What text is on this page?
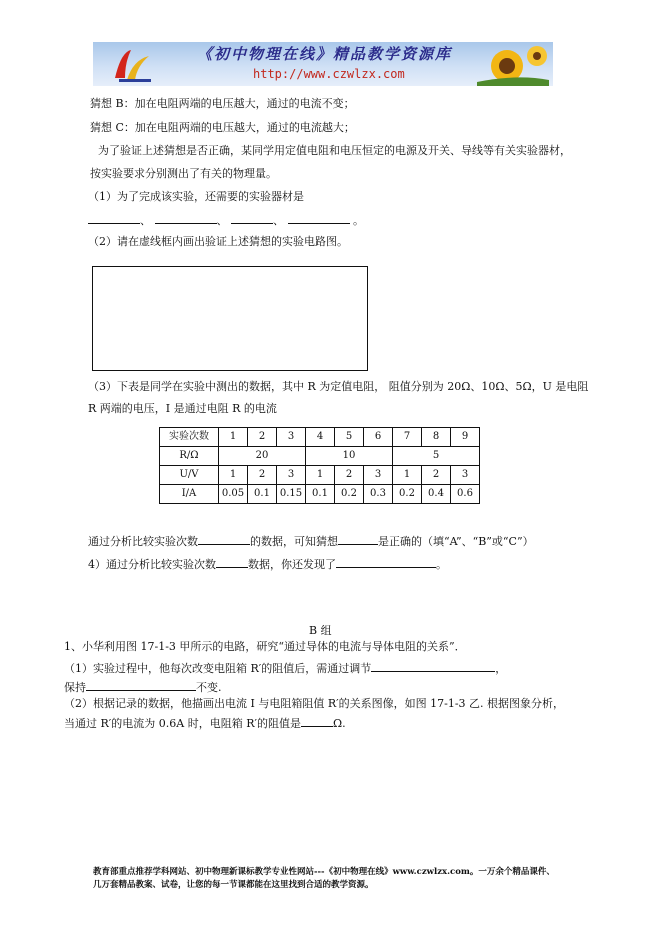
《初中物理在线》精品教学资源库
http://www.czwlzx.com
猜想 B：加在电阻两端的电压越大，通过的电流不变；
猜想 C：加在电阻两端的电压越大，通过的电流越大；
为了验证上述猜想是否正确，某同学用定值电阻和电压恒定的电源及开关、导线等有关实验器材，
按实验要求分别测出了有关的物理量。
（1）为了完成该实验，还需要的实验器材是
、	、	、	。
（2）请在虚线框内画出验证上述猜想的实验电路图。
（3）下表是同学在实验中测出的数据，其中 R 为定值电阻， 阻值分别为 20Ω、10Ω、5Ω，U 是电阻
R 两端的电压，I 是通过电阻 R 的电流
实验次数	1	2	3	4	5	6	7	8	9
R/Ω	20			10			5		
U/V	1	2	3	1	2	3	1	2	3
I/A	0.05	0.1	0.15	0.1	0.2	0.3	0.2	0.4	0.6
通过分析比较实验次数	的数据，可知猜想	是正确的（填“A”、“B”或“C”）
4）通过分析比较实验次数	数据，你还发现了	。
B 组
1、小华利用图 17-1-3 甲所示的电路，研究“通过导体的电流与导体电阻的关系”．
（1）实验过程中，他每次改变电阻箱 R′的阻值后，需通过调节	，
保持	不变.
（2）根据记录的数据，他描画出电流 I 与电阻箱阻值 R′的关系图像，如图 17-1-3 乙. 根据图象分析，
当通过 R′的电流为 0.6A 时，电阻箱 R′的阻值是	Ω.
教育部重点推荐学科网站、初中物理新课标教学专业性网站---《初中物理在线》www.czwlzx.com。一万余个精品课件、
几万套精品教案、试卷，让您的每一节课都能在这里找到合适的教学资源。
